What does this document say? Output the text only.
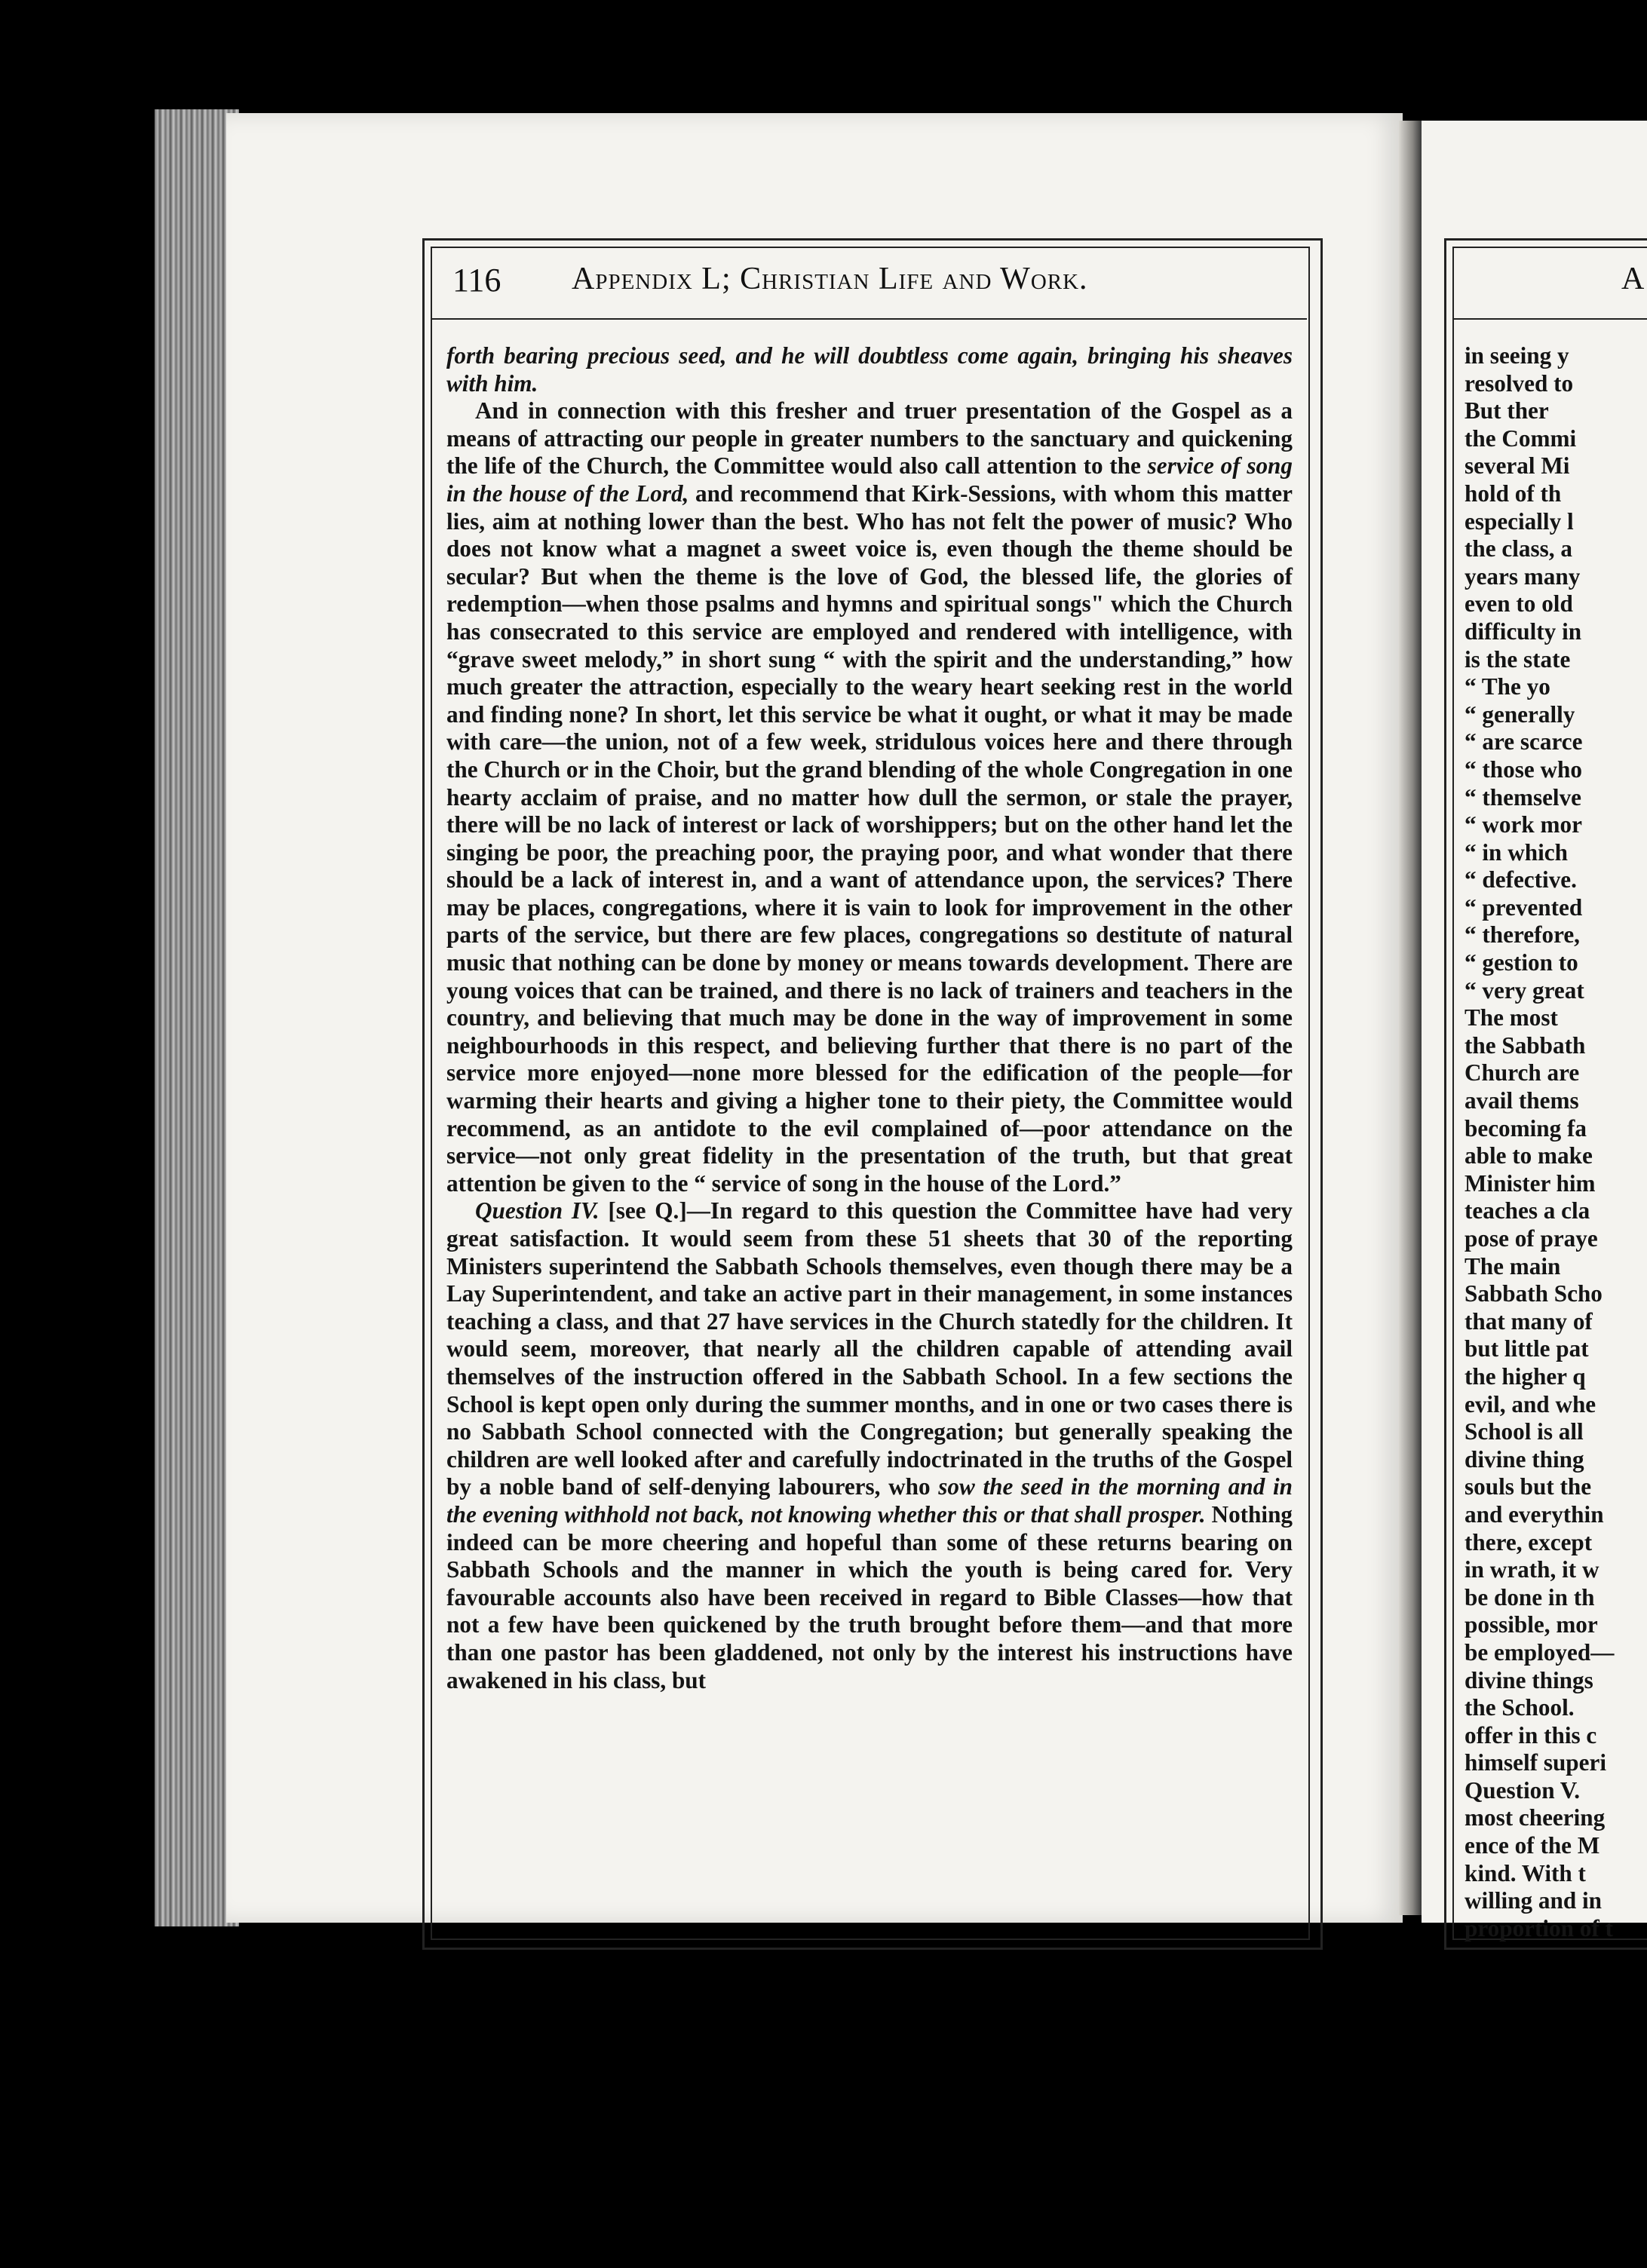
116 Appendix L; Christian Life and Work.

forth bearing precious seed, and he will doubtless come again, bringing his sheaves with him.

And in connection with this fresher and truer presentation of the Gospel as a means of attracting our people in greater numbers to the sanctuary and quickening the life of the Church, the Committee would also call attention to the service of song in the house of the Lord, and recommend that Kirk-Sessions, with whom this matter lies, aim at nothing lower than the best. Who has not felt the power of music? Who does not know what a magnet a sweet voice is, even though the theme should be secular? But when the theme is the love of God, the blessed life, the glories of redemption—when those psalms and hymns and spiritual songs" which the Church has consecrated to this service are employed and rendered with intelligence, with “grave sweet melody,” in short sung “ with the spirit and the understanding,” how much greater the attraction, especially to the weary heart seeking rest in the world and finding none? In short, let this service be what it ought, or what it may be made with care—the union, not of a few week, stridulous voices here and there through the Church or in the Choir, but the grand blending of the whole Congregation in one hearty acclaim of praise, and no matter how dull the sermon, or stale the prayer, there will be no lack of interest or lack of worshippers; but on the other hand let the singing be poor, the preaching poor, the praying poor, and what wonder that there should be a lack of interest in, and a want of attendance upon, the services? There may be places, congregations, where it is vain to look for improvement in the other parts of the service, but there are few places, congregations so destitute of natural music that nothing can be done by money or means towards development. There are young voices that can be trained, and there is no lack of trainers and teachers in the country, and believing that much may be done in the way of improvement in some neighbourhoods in this respect, and believing further that there is no part of the service more enjoyed—none more blessed for the edification of the people—for warming their hearts and giving a higher tone to their piety, the Committee would recommend, as an antidote to the evil complained of—poor attendance on the service—not only great fidelity in the presentation of the truth, but that great attention be given to the “ service of song in the house of the Lord.”

Question IV. [see Q.]—In regard to this question the Committee have had very great satisfaction. It would seem from these 51 sheets that 30 of the reporting Ministers superintend the Sabbath Schools themselves, even though there may be a Lay Superintendent, and take an active part in their management, in some instances teaching a class, and that 27 have services in the Church statedly for the children. It would seem, moreover, that nearly all the children capable of attending avail themselves of the instruction offered in the Sabbath School. In a few sections the School is kept open only during the summer months, and in one or two cases there is no Sabbath School connected with the Congregation; but generally speaking the children are well looked after and carefully indoctrinated in the truths of the Gospel by a noble band of self-denying labourers, who sow the seed in the morning and in the evening withhold not back, not knowing whether this or that shall prosper. Nothing indeed can be more cheering and hopeful than some of these returns bearing on Sabbath Schools and the manner in which the youth is being cared for. Very favourable accounts also have been received in regard to Bible Classes—how that not a few have been quickened by the truth brought before them—and that more than one pastor has been gladdened, not only by the interest his instructions have awakened in his class, but

A
in seeing y
resolved to
But ther
the Commi
several Mi
hold of th
especially l
the class, a
years many
even to old
difficulty in
is the state
“ The yo
“ generally
“ are scarce
“ those who
“ themselve
“ work mor
“ in which
“ defective.
“ prevented
“ therefore,
“ gestion to
“ very great
The most
the Sabbath
Church are
avail thems
becoming fa
able to make
Minister him
teaches a cla
pose of praye
The main
Sabbath Scho
that many of
but little pat
the higher q
evil, and whe
School is all
divine thing
souls but the
and everythin
there, except
in wrath, it w
be done in th
possible, mor
be employed—
divine things
the School.
offer in this c
himself superi
Question V.
most cheering
ence of the M
kind. With t
willing and in
proportion of t
